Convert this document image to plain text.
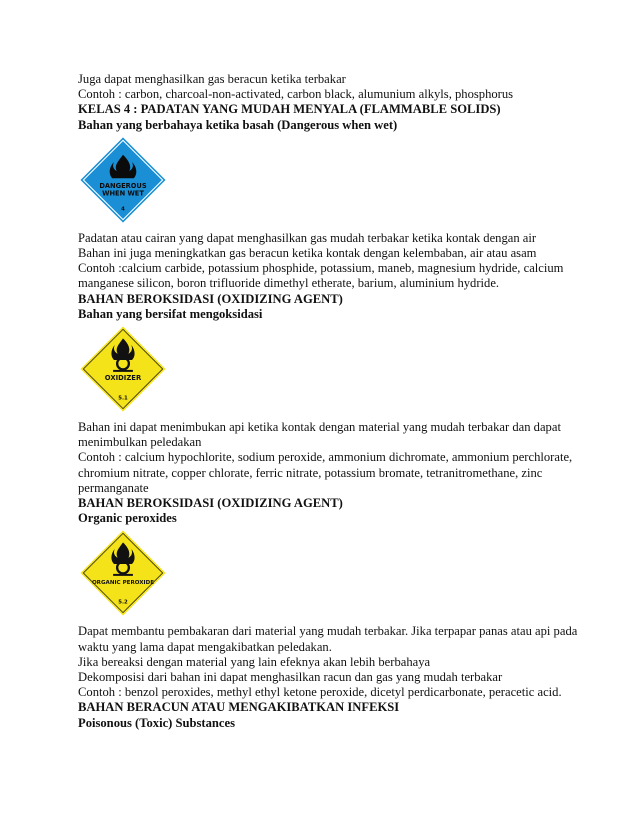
Juga dapat menghasilkan gas beracun ketika terbakar
Contoh : carbon, charcoal-non-activated, carbon black, alumunium alkyls, phosphorus
KELAS 4 : PADATAN YANG MUDAH MENYALA (FLAMMABLE SOLIDS)
Bahan yang berbahaya ketika basah (Dangerous when wet)
DANGEROUS
WHEN WET
4
Padatan atau cairan yang dapat menghasilkan gas mudah terbakar ketika kontak dengan air
Bahan ini juga meningkatkan gas beracun ketika kontak dengan kelembaban, air atau asam
Contoh :calcium carbide, potassium phosphide, potassium, maneb, magnesium hydride, calcium manganese silicon, boron trifluoride dimethyl etherate, barium, aluminium hydride.
BAHAN BEROKSIDASI (OXIDIZING AGENT)
Bahan yang bersifat mengoksidasi
OXIDIZER
5.1
Bahan ini dapat menimbukan api ketika kontak dengan material yang mudah terbakar dan dapat menimbulkan peledakan
Contoh : calcium hypochlorite, sodium peroxide, ammonium dichromate, ammonium perchlorate, chromium nitrate, copper chlorate, ferric nitrate, potassium bromate, tetranitromethane, zinc permanganate
BAHAN BEROKSIDASI (OXIDIZING AGENT)
Organic peroxides
ORGANIC PEROXIDE
5.2
Dapat membantu pembakaran dari material yang mudah terbakar. Jika terpapar panas atau api pada waktu yang lama dapat mengakibatkan peledakan.
Jika bereaksi dengan material yang lain efeknya akan lebih berbahaya
Dekomposisi dari bahan ini dapat menghasilkan racun dan gas yang mudah terbakar
Contoh : benzol peroxides, methyl ethyl ketone peroxide, dicetyl perdicarbonate, peracetic acid.
BAHAN BERACUN ATAU MENGAKIBATKAN INFEKSI
Poisonous (Toxic) Substances
